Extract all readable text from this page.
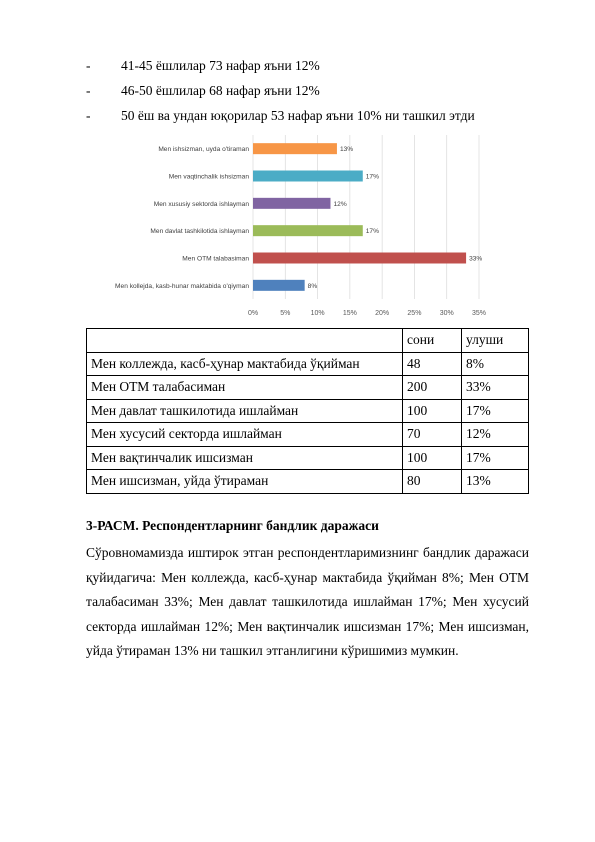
-	41-45 ёшлилар 73 нафар яъни 12%
-	46-50 ёшлилар 68 нафар яъни 12%
-	50 ёш ва ундан юқорилар 53 нафар яъни 10% ни ташкил этди
0%	5%	10%	15%	20%	25%	30%	35%
Men ishsizman, uyda o'tiraman	13%
Men vaqtinchalik ishsizman	17%
Men xususiy sektorda ishlayman	12%
Men davlat tashkilotida ishlayman	17%
Men OTM talabasiman	33%
Men kollejda, kasb-hunar maktabida o'qiyman	8%
	сони	улуши
Мен коллежда, касб-ҳунар мактабида ўқийман	48	8%
Мен ОТМ талабасиман	200	33%
Мен давлат ташкилотида ишлайман	100	17%
Мен хусусий секторда ишлайман	70	12%
Мен вақтинчалик ишсизман	100	17%
Мен ишсизман, уйда ўтираман	80	13%
3-РАСМ. Респондентларнинг бандлик даражаси
Сўровномамизда иштирок этган респондентларимизнинг бандлик даражаси қуйидагича: Мен коллежда, касб-ҳунар мактабида ўқийман 8%; Мен ОТМ талабасиман 33%; Мен давлат ташкилотида ишлайман 17%; Мен хусусий секторда ишлайман 12%; Мен вақтинчалик ишсизман 17%; Мен ишсизман, уйда ўтираман 13% ни ташкил этганлигини кўришимиз мумкин.
